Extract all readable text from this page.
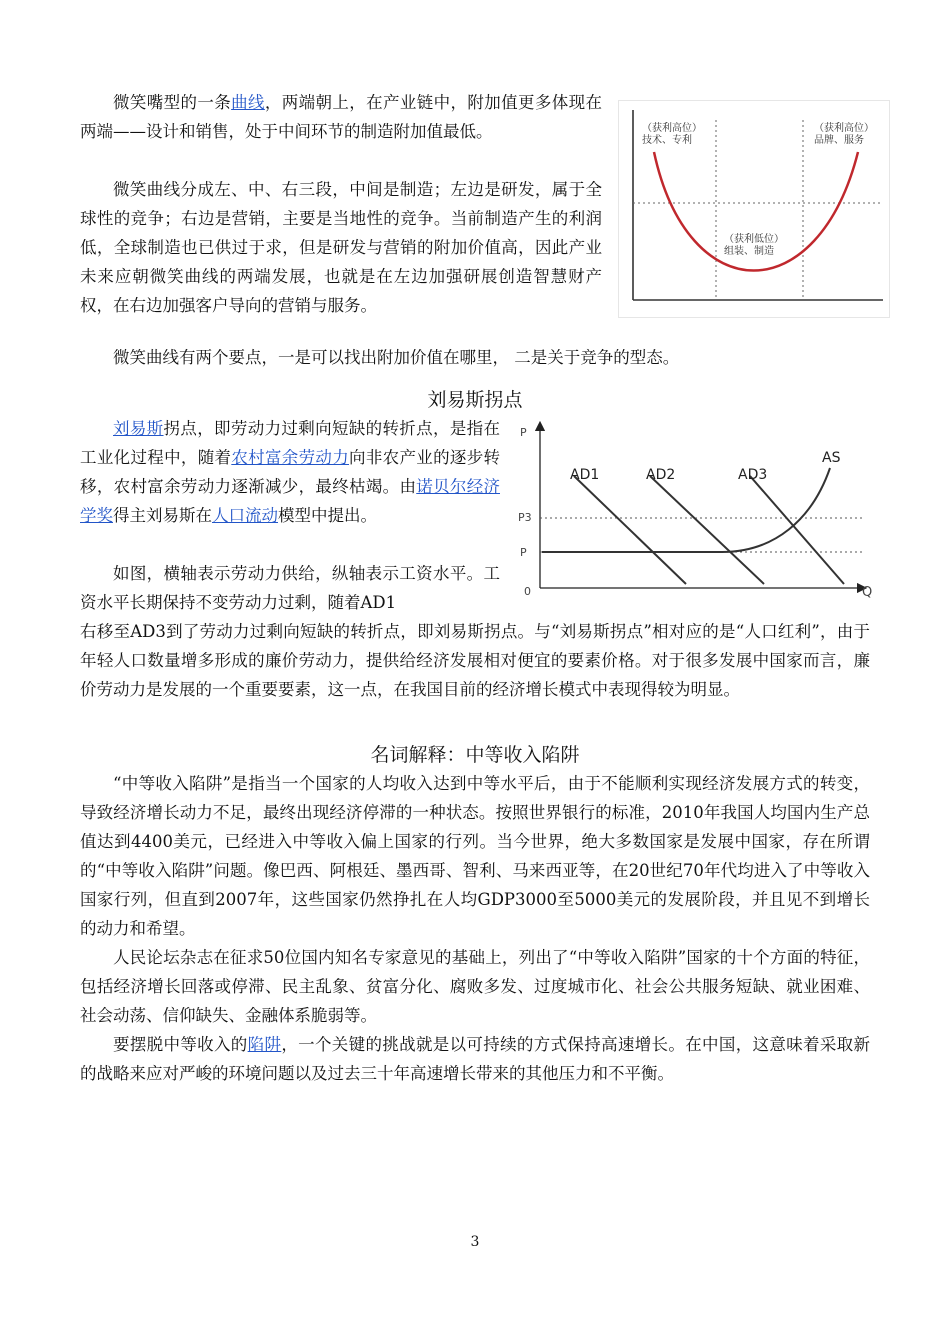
微笑嘴型的一条曲线，两端朝上，在产业链中，附加值更多体现在两端——设计和销售，处于中间环节的制造附加值最低。

微笑曲线分成左、中、右三段，中间是制造；左边是研发，属于全球性的竞争；右边是营销，主要是当地性的竞争。当前制造产生的利润低，全球制造也已供过于求，但是研发与营销的附加价值高，因此产业未来应朝微笑曲线的两端发展，也就是在左边加强研展创造智慧财产权，在右边加强客户导向的营销与服务。

微笑曲线有两个要点，一是可以找出附加价值在哪里， 二是关于竞争的型态。

（获利高位）
技术、专利
（获利高位）
品牌、服务
（获利低位）
组装、制造
刘易斯拐点

刘易斯拐点，即劳动力过剩向短缺的转折点，是指在工业化过程中，随着农村富余劳动力向非农产业的逐步转移，农村富余劳动力逐渐减少，最终枯竭。由诺贝尔经济学奖得主刘易斯在人口流动模型中提出。

如图，横轴表示劳动力供给，纵轴表示工资水平。工资水平长期保持不变劳动力过剩，随着AD1

右移至AD3到了劳动力过剩向短缺的转折点，即刘易斯拐点。与“刘易斯拐点”相对应的是“人口红利”，由于年轻人口数量增多形成的廉价劳动力，提供给经济发展相对便宜的要素价格。对于很多发展中国家而言，廉价劳动力是发展的一个重要要素，这一点，在我国目前的经济增长模式中表现得较为明显。

P
Q
0
P
P3
AD1	AD2	AD3
AS
名词解释：中等收入陷阱

“中等收入陷阱”是指当一个国家的人均收入达到中等水平后，由于不能顺利实现经济发展方式的转变，导致经济增长动力不足，最终出现经济停滞的一种状态。按照世界银行的标准，2010年我国人均国内生产总值达到4400美元，已经进入中等收入偏上国家的行列。当今世界，绝大多数国家是发展中国家，存在所谓的“中等收入陷阱”问题。像巴西、阿根廷、墨西哥、智利、马来西亚等，在20世纪70年代均进入了中等收入国家行列，但直到2007年，这些国家仍然挣扎在人均GDP3000至5000美元的发展阶段，并且见不到增长的动力和希望。

人民论坛杂志在征求50位国内知名专家意见的基础上，列出了“中等收入陷阱”国家的十个方面的特征，包括经济增长回落或停滞、民主乱象、贫富分化、腐败多发、过度城市化、社会公共服务短缺、就业困难、社会动荡、信仰缺失、金融体系脆弱等。

要摆脱中等收入的陷阱，一个关键的挑战就是以可持续的方式保持高速增长。在中国，这意味着采取新的战略来应对严峻的环境问题以及过去三十年高速增长带来的其他压力和不平衡。

3
